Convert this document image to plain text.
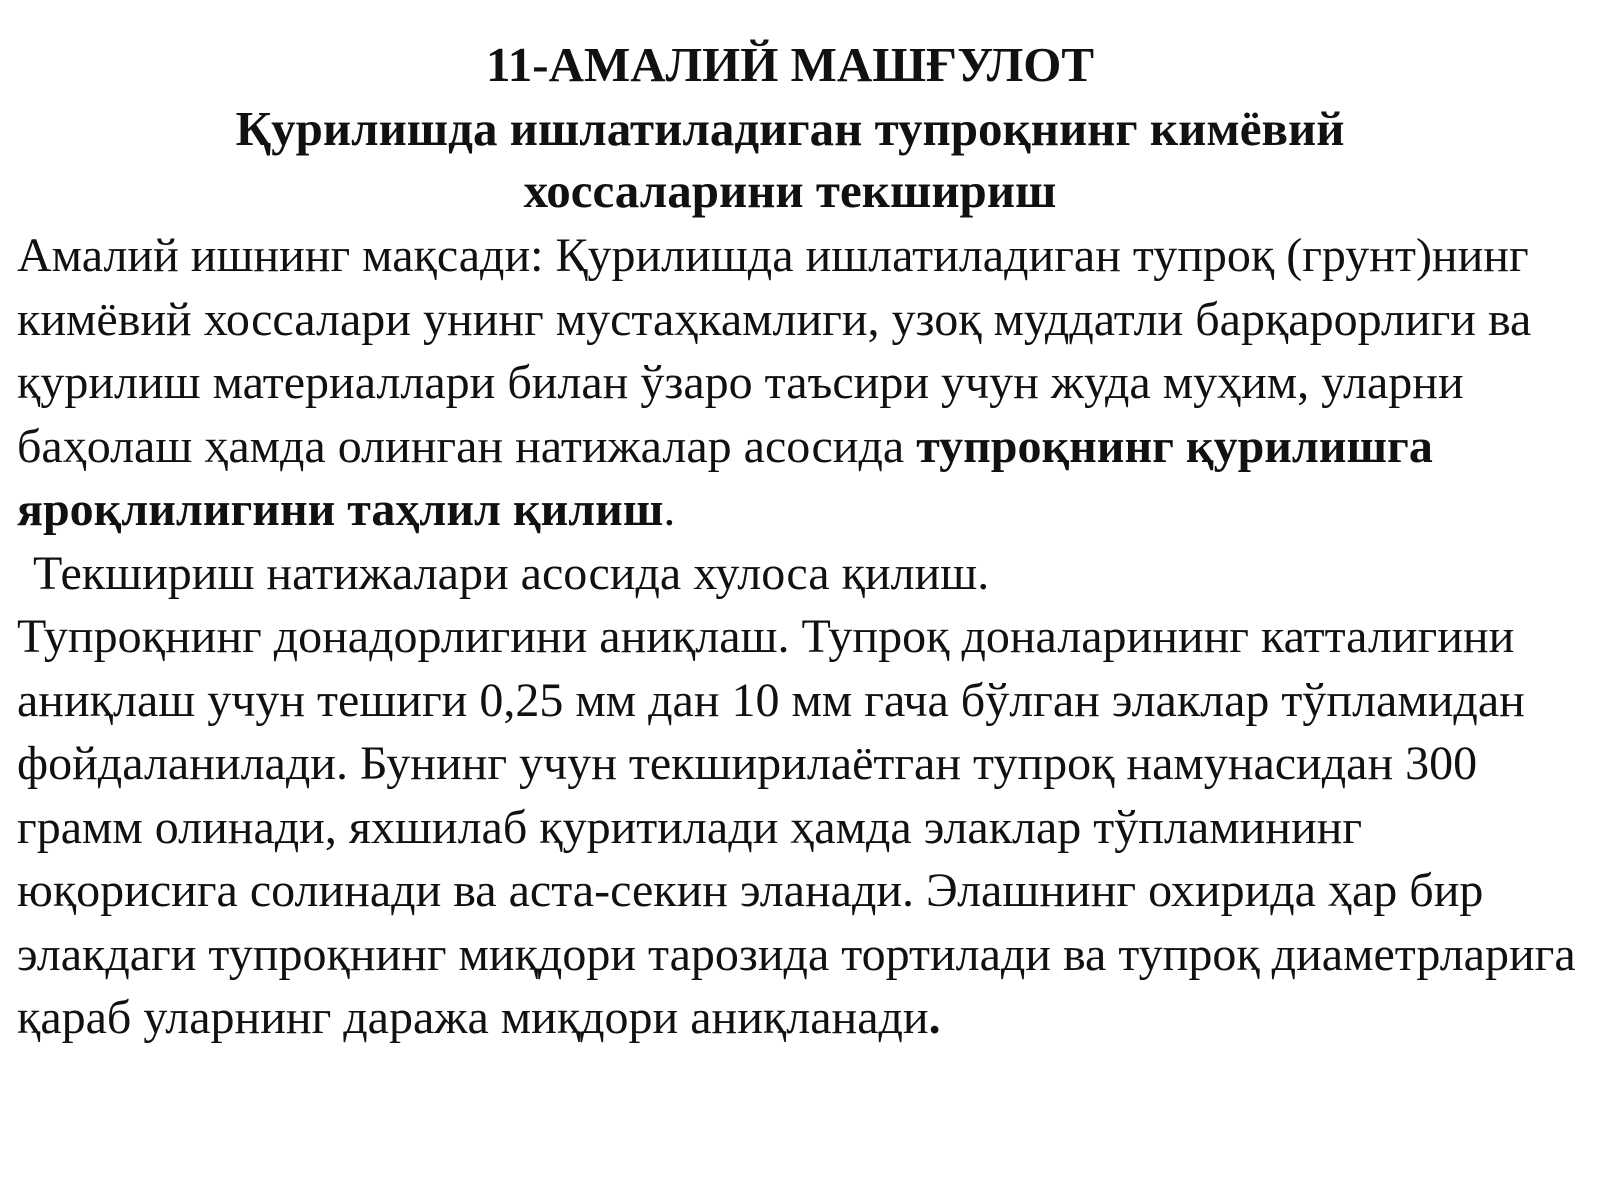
11-АМАЛИЙ МАШҒУЛОТ
Қурилишда ишлатиладиган тупроқнинг кимёвий
хоссаларини текшириш

Амалий ишнинг мақсади: Қурилишда ишлатиладиган тупроқ (грунт)нинг кимёвий хоссалари унинг мустаҳкамлиги, узоқ муддатли барқарорлиги ва қурилиш материаллари билан ўзаро таъсири учун жуда муҳим, уларни баҳолаш ҳамда олинган натижалар асосида тупроқнинг қурилишга яроқлилигини таҳлил қилиш.

Текшириш натижалари асосида хулоса қилиш.

Тупроқнинг донадорлигини аниқлаш. Тупроқ доналарининг катталигини аниқлаш учун тешиги 0,25 мм дан 10 мм гача бўлган элаклар тўпламидан фойдаланилади. Бунинг учун текширилаётган тупроқ намунасидан 300 грамм олинади, яхшилаб қуритилади ҳамда элаклар тўпламининг юқорисига солинади ва аста-секин эланади. Элашнинг охирида ҳар бир элакдаги тупроқнинг миқдори тарозида тортилади ва тупроқ диаметрларига қараб уларнинг даража миқдори аниқланади.
